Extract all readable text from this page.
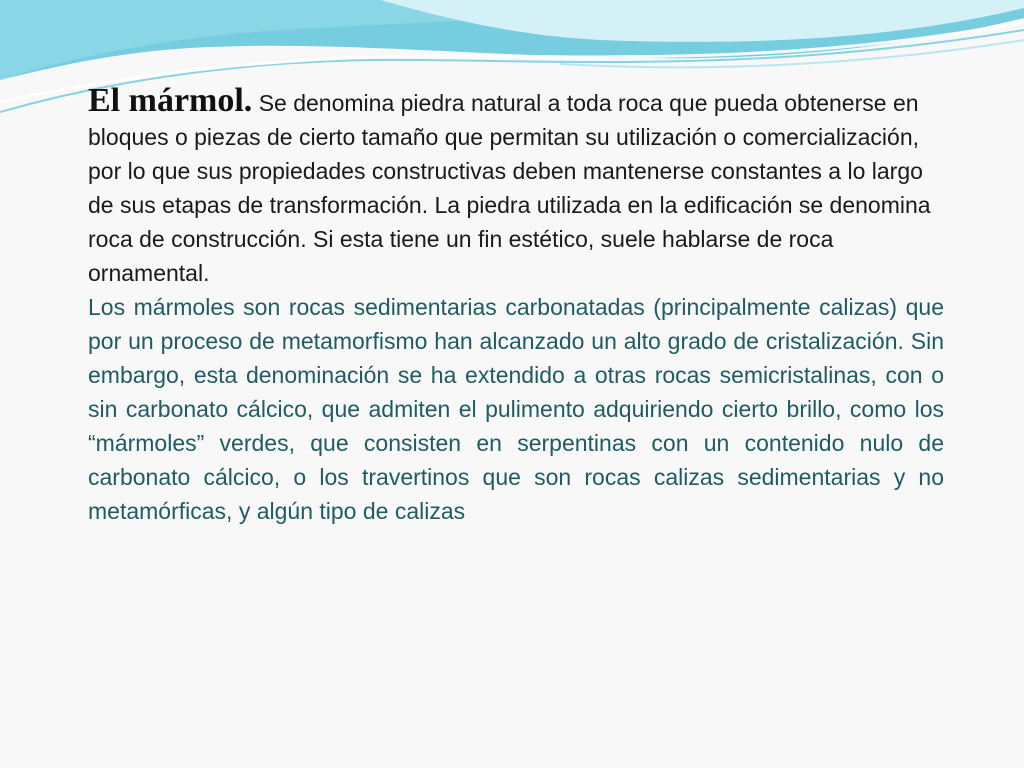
El mármol. Se denomina piedra natural a toda roca que pueda obtenerse en bloques o piezas de cierto tamaño que permitan su utilización o comercialización, por lo que sus propiedades constructivas deben mantenerse constantes a lo largo de sus etapas de transformación. La piedra utilizada en la edificación se denomina roca de construcción. Si esta tiene un fin estético, suele hablarse de roca ornamental.

Los mármoles son rocas sedimentarias carbonatadas (principalmente calizas) que por un proceso de metamorfismo han alcanzado un alto grado de cristalización. Sin embargo, esta denominación se ha extendido a otras rocas semicristalinas, con o sin carbonato cálcico, que admiten el pulimento adquiriendo cierto brillo, como los “mármoles” verdes, que consisten en serpentinas con un contenido nulo de carbonato cálcico, o los travertinos que son rocas calizas sedimentarias y no metamórficas, y algún tipo de calizas
